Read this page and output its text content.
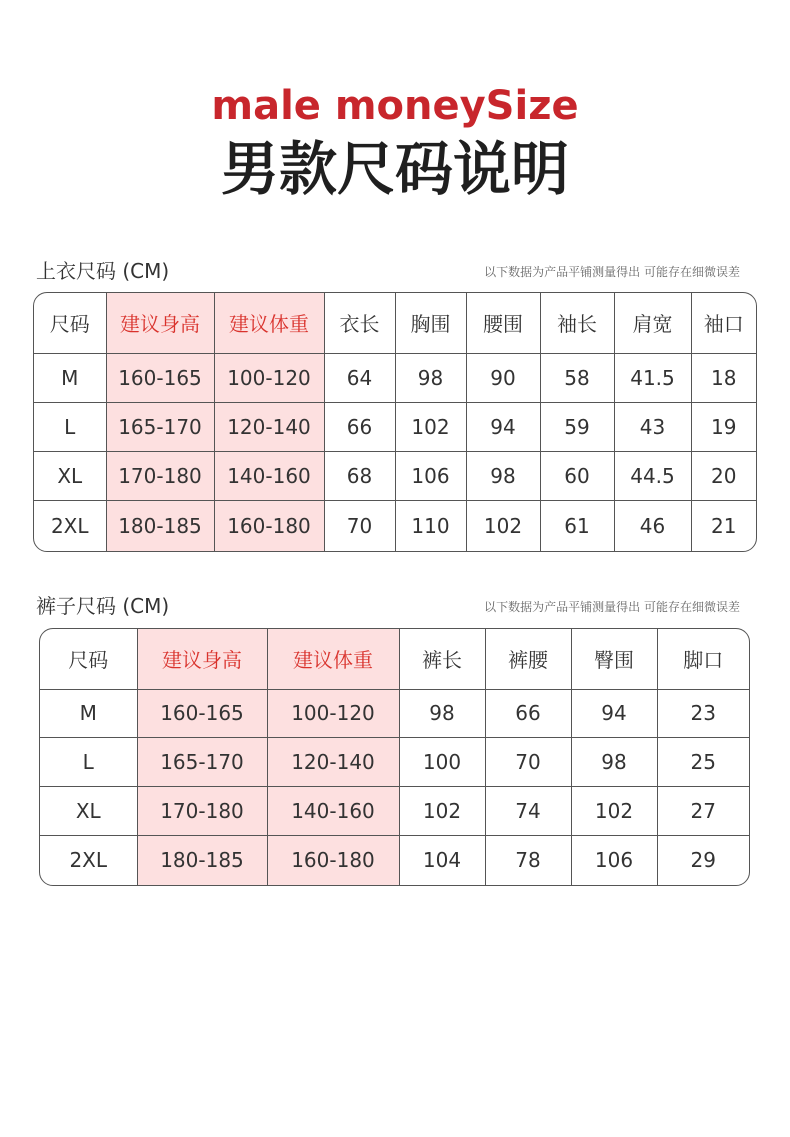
male moneySize
男款尺码说明
上衣尺码 (CM)	以下数据为产品平铺测量得出 可能存在细微误差
尺码	建议身高	建议体重	衣长	胸围	腰围	袖长	肩宽	袖口
M	160-165	100-120	64	98	90	58	41.5	18
L	165-170	120-140	66	102	94	59	43	19
XL	170-180	140-160	68	106	98	60	44.5	20
2XL	180-185	160-180	70	110	102	61	46	21
裤子尺码 (CM)	以下数据为产品平铺测量得出 可能存在细微误差
尺码	建议身高	建议体重	裤长	裤腰	臀围	脚口
M	160-165	100-120	98	66	94	23
L	165-170	120-140	100	70	98	25
XL	170-180	140-160	102	74	102	27
2XL	180-185	160-180	104	78	106	29
